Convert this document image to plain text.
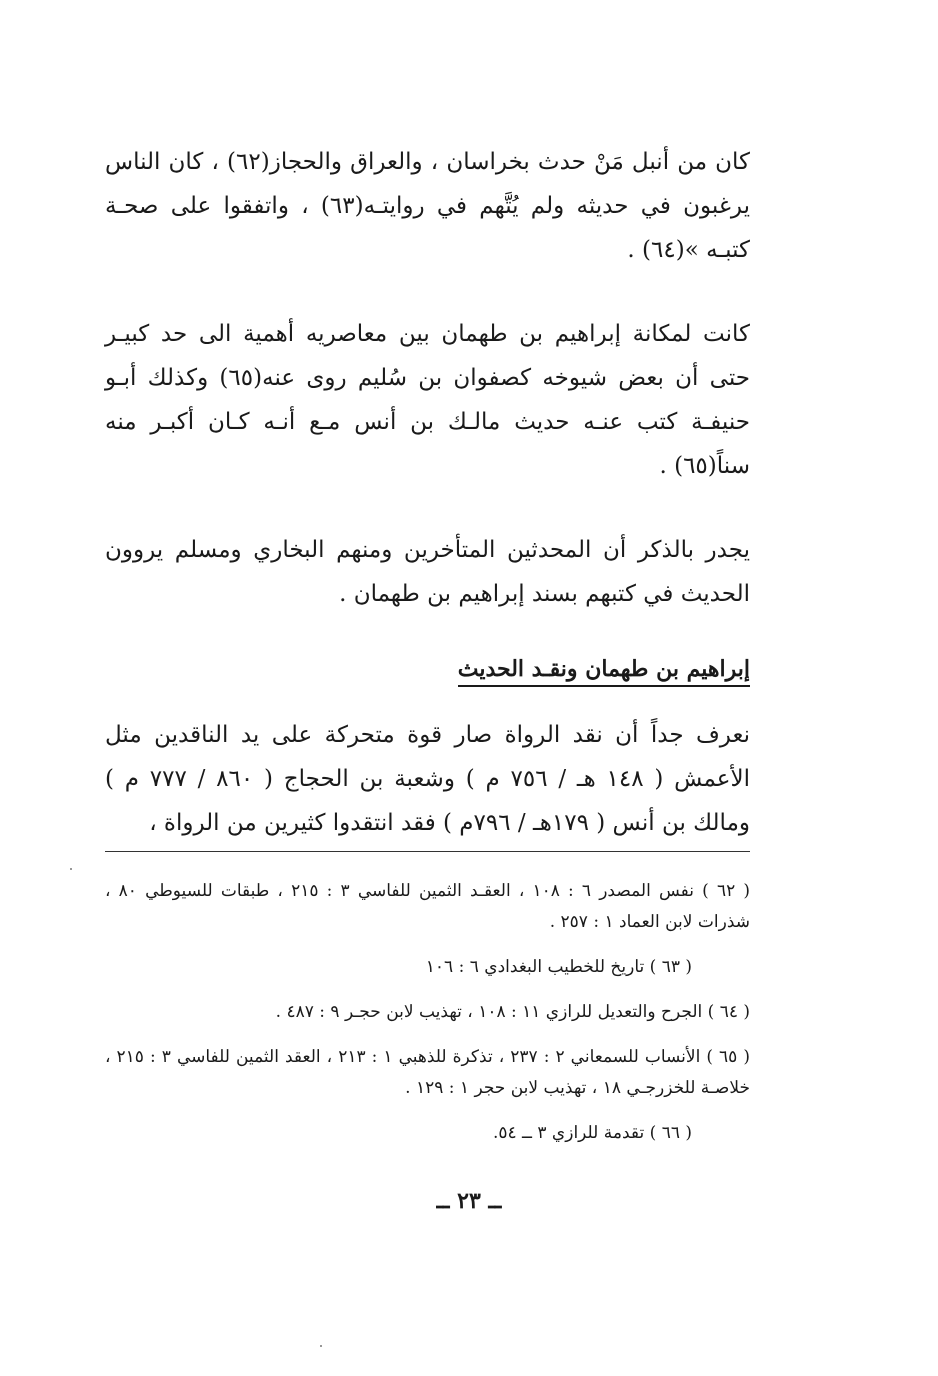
كان من أنبل مَنْ حدث بخراسان ، والعراق والحجاز(٦٢) ، كان الناس يرغبون في حديثه ولم يُتَّهم في روايتـه(٦٣) ، واتفقوا على صحـة كتبـه »(٦٤) .

كانت لمكانة إبراهيم بن طهمان بين معاصريه أهمية الى حد كبيـر حتى أن بعض شيوخه كصفوان بن سُليم روى عنه(٦٥) وكذلك أبـو حنيفـة كتب عنـه حديث مالـك بن أنس مـع أنـه كـان أكبـر منه سناً(٦٥) .

يجدر بالذكر أن المحدثين المتأخرين ومنهم البخاري ومسلم يروون الحديث في كتبهم بسند إبراهيم بن طهمان .

إبراهيم بن طهمان ونقـد الحديث

نعرف جداً أن نقد الرواة صار قوة متحركة على يد الناقدين مثل الأعمش ( ١٤٨ هـ / ٧٥٦ م ) وشعبة بن الحجاج ( ٨٦٠ / ٧٧٧ م ) ومالك بن أنس ( ١٧٩هـ / ٧٩٦م ) فقد انتقدوا كثيرين من الرواة ،

( ٦٢ ) نفس المصدر ٦ : ١٠٨ ، العقـد الثمين للفاسي ٣ : ٢١٥ ، طبقات للسيوطي ٨٠ ، شذرات لابن العماد ١ : ٢٥٧ .

( ٦٣ ) تاريخ للخطيب البغدادي ٦ : ١٠٦

( ٦٤ ) الجرح والتعديل للرازي ١١ : ١٠٨ ، تهذيب لابن حجـر ٩ : ٤٨٧ .

( ٦٥ ) الأنساب للسمعاني ٢ : ٢٣٧ ، تذكرة للذهبي ١ : ٢١٣ ، العقد الثمين للفاسي ٣ : ٢١٥ ، خلاصـة للخزرجـي ١٨ ، تهذيب لابن حجر ١ : ١٢٩ .

( ٦٦ ) تقدمة للرازي ٣ ــ ٥٤.

ــ ٢٣ ــ
